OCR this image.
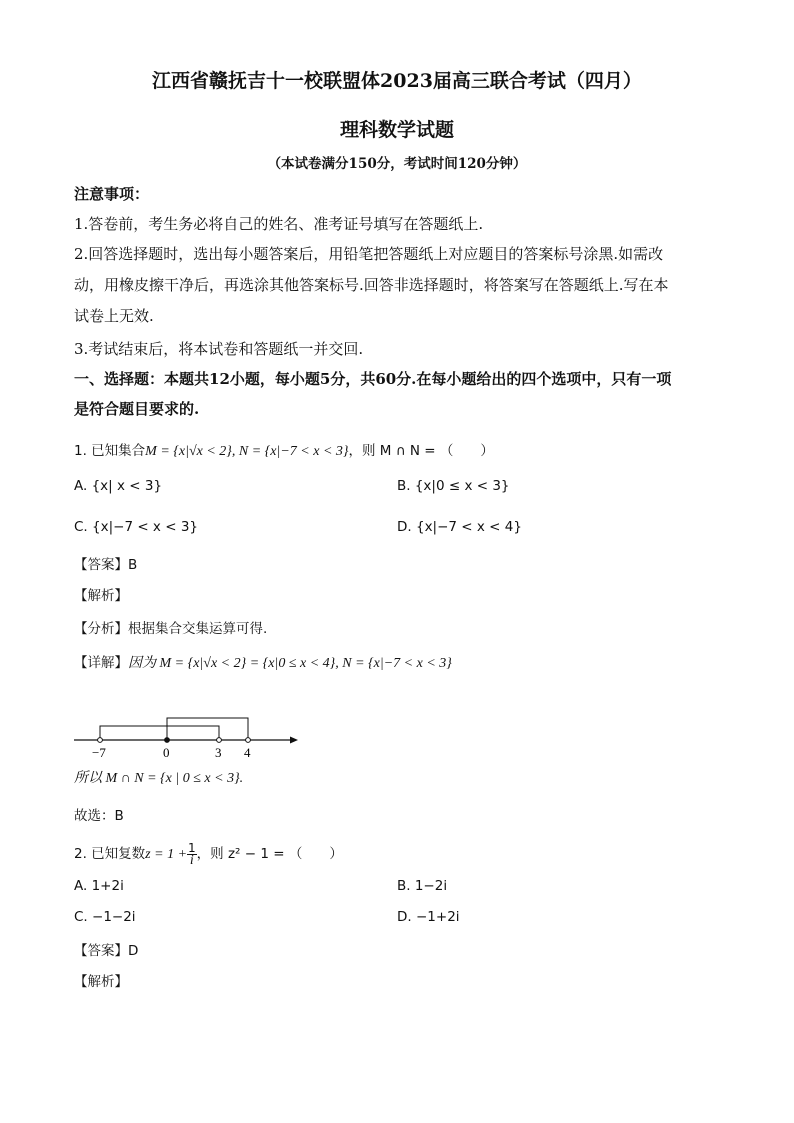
江西省赣抚吉十一校联盟体2023届高三联合考试（四月）
理科数学试题
（本试卷满分150分，考试时间120分钟）
注意事项：
1.答卷前，考生务必将自己的姓名、准考证号填写在答题纸上.
2.回答选择题时，选出每小题答案后，用铅笔把答题纸上对应题目的答案标号涂黑.如需改
动，用橡皮擦干净后，再选涂其他答案标号.回答非选择题时，将答案写在答题纸上.写在本
试卷上无效.
3.考试结束后，将本试卷和答题纸一并交回.
一、选择题：本题共12小题，每小题5分，共60分.在每小题给出的四个选项中，只有一项
是符合题目要求的.
1. 已知集合M = {x|√x < 2}, N = {x|−7 < x < 3}，则 M ∩ N = （　　）
A. {x| x < 3}	B. {x|0 ≤ x < 3}
C. {x|−7 < x < 3}	D. {x|−7 < x < 4}
【答案】B
【解析】
【分析】根据集合交集运算可得.
【详解】因为 M = {x|√x < 2} = {x|0 ≤ x < 4}, N = {x|−7 < x < 3}
−7	0	3 4
所以 M ∩ N = {x | 0 ≤ x < 3}.
故选：B
2. 已知复数$z = 1 + \frac{1}{i}$ ，则 z² − 1 = （　　）
A. 1+2i	B. 1−2i
C. −1−2i	D. −1+2i
【答案】D
【解析】
